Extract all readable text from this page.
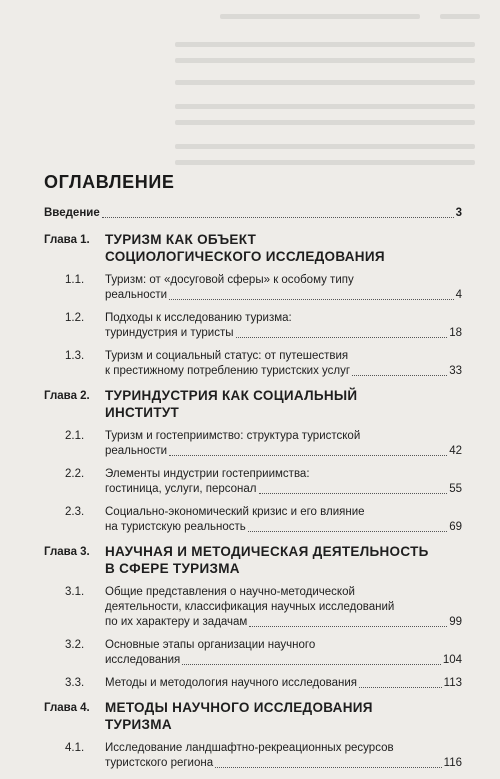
ОГЛАВЛЕНИЕ
Введение	3
Глава 1.	ТУРИЗМ КАК ОБЪЕКТ
СОЦИОЛОГИЧЕСКОГО ИССЛЕДОВАНИЯ
1.1.	Туризм: от «досуговой сферы» к особому типу
реальности	4
1.2.	Подходы к исследованию туризма:
туриндустрия и туристы	18
1.3.	Туризм и социальный статус: от путешествия
к престижному потреблению туристских услуг	33
Глава 2.	ТУРИНДУСТРИЯ КАК СОЦИАЛЬНЫЙ
ИНСТИТУТ
2.1.	Туризм и гостеприимство: структура туристской
реальности	42
2.2.	Элементы индустрии гостеприимства:
гостиница, услуги, персонал	55
2.3.	Социально-экономический кризис и его влияние
на туристскую реальность	69
Глава 3.	НАУЧНАЯ И МЕТОДИЧЕСКАЯ ДЕЯТЕЛЬНОСТЬ
В СФЕРЕ ТУРИЗМА
3.1.	Общие представления о научно-методической
деятельности, классификация научных исследований
по их характеру и задачам	99
3.2.	Основные этапы организации научного
исследования	104
3.3.	Методы и методология научного исследования	113
Глава 4.	МЕТОДЫ НАУЧНОГО ИССЛЕДОВАНИЯ
ТУРИЗМА
4.1.	Исследование ландшафтно-рекреационных ресурсов
туристского региона	116
